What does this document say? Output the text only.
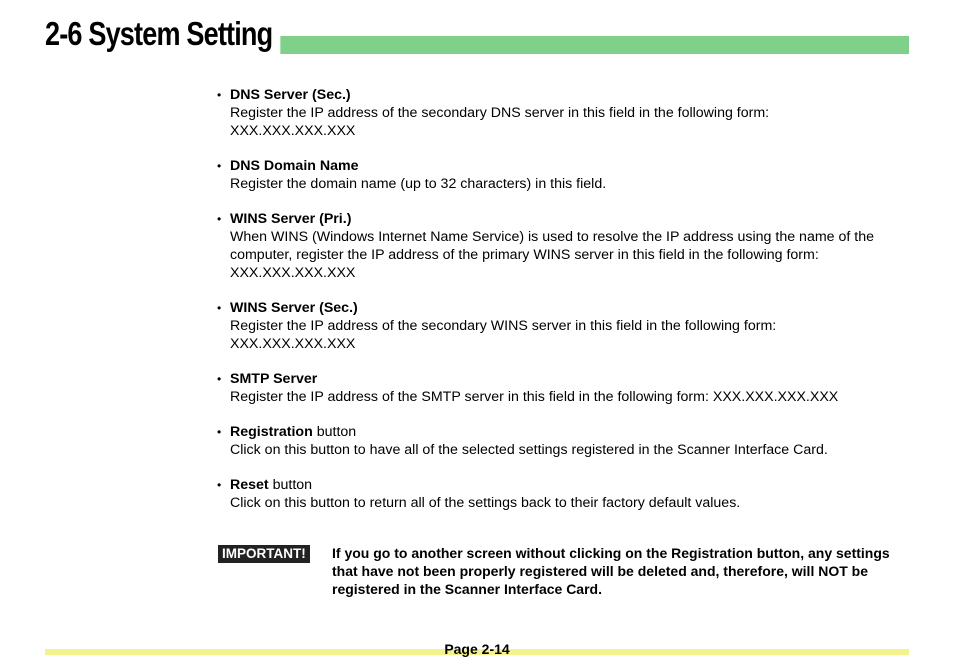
2-6 System Setting
• DNS Server (Sec.)
Register the IP address of the secondary DNS server in this field in the following form:
XXX.XXX.XXX.XXX
• DNS Domain Name
Register the domain name (up to 32 characters) in this field.
• WINS Server (Pri.)
When WINS (Windows Internet Name Service) is used to resolve the IP address using the name of the
computer, register the IP address of the primary WINS server in this field in the following form:
XXX.XXX.XXX.XXX
• WINS Server (Sec.)
Register the IP address of the secondary WINS server in this field in the following form:
XXX.XXX.XXX.XXX
• SMTP Server
Register the IP address of the SMTP server in this field in the following form: XXX.XXX.XXX.XXX
• Registration button
Click on this button to have all of the selected settings registered in the Scanner Interface Card.
• Reset button
Click on this button to return all of the settings back to their factory default values.
IMPORTANT! If you go to another screen without clicking on the Registration button, any settings
that have not been properly registered will be deleted and, therefore, will NOT be
registered in the Scanner Interface Card.
Page 2-14
